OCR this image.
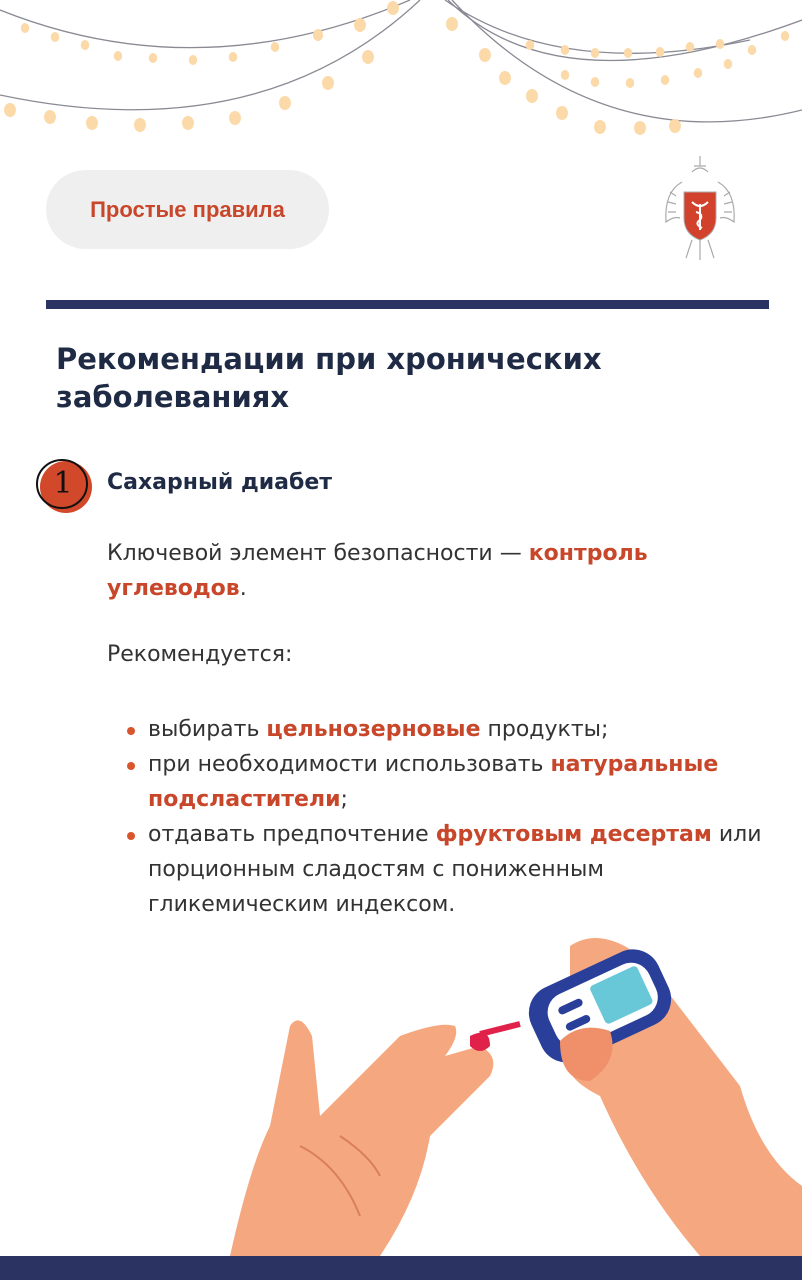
Простые правила
Рекомендации при хронических заболеваниях
1	Сахарный диабет
Ключевой элемент безопасности — контроль углеводов.
Рекомендуется:
выбирать цельнозерновые продукты;
при необходимости использовать натуральные подсластители;
отдавать предпочтение фруктовым десертам или порционным сладостям с пониженным гликемическим индексом.
